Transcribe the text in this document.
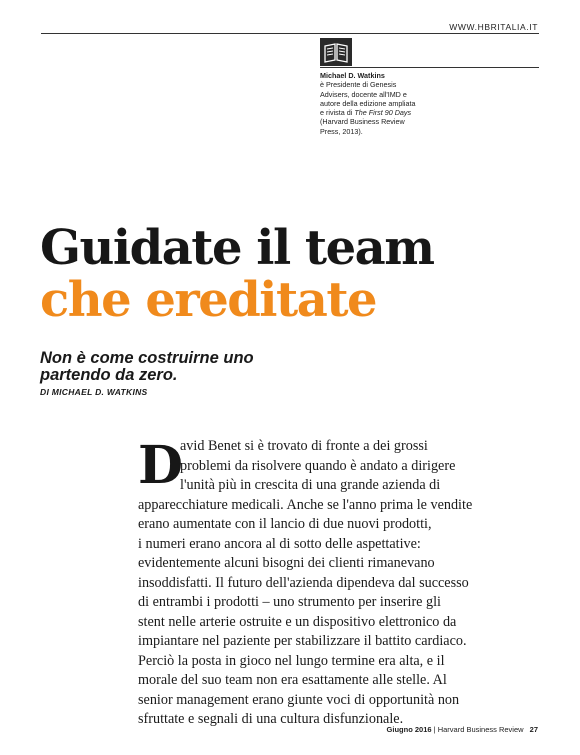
WWW.HBRITALIA.IT
Michael D. Watkins
è Presidente di Genesis
Advisers, docente all'IMD e
autore della edizione ampliata
e rivista di The First 90 Days
(Harvard Business Review
Press, 2013).
Guidate il team
che ereditate
Non è come costruirne uno
partendo da zero.
DI MICHAEL D. WATKINS
D
avid Benet si è trovato di fronte a dei grossi
problemi da risolvere quando è andato a dirigere
l'unità più in crescita di una grande azienda di
apparecchiature medicali. Anche se l'anno prima le vendite
erano aumentate con il lancio di due nuovi prodotti,
i numeri erano ancora al di sotto delle aspettative:
evidentemente alcuni bisogni dei clienti rimanevano
insoddisfatti. Il futuro dell'azienda dipendeva dal successo
di entrambi i prodotti – uno strumento per inserire gli
stent nelle arterie ostruite e un dispositivo elettronico da
impiantare nel paziente per stabilizzare il battito cardiaco.
Perciò la posta in gioco nel lungo termine era alta, e il
morale del suo team non era esattamente alle stelle. Al
senior management erano giunte voci di opportunità non
sfruttate e segnali di una cultura disfunzionale.
Giugno 2016 | Harvard Business Review 27
